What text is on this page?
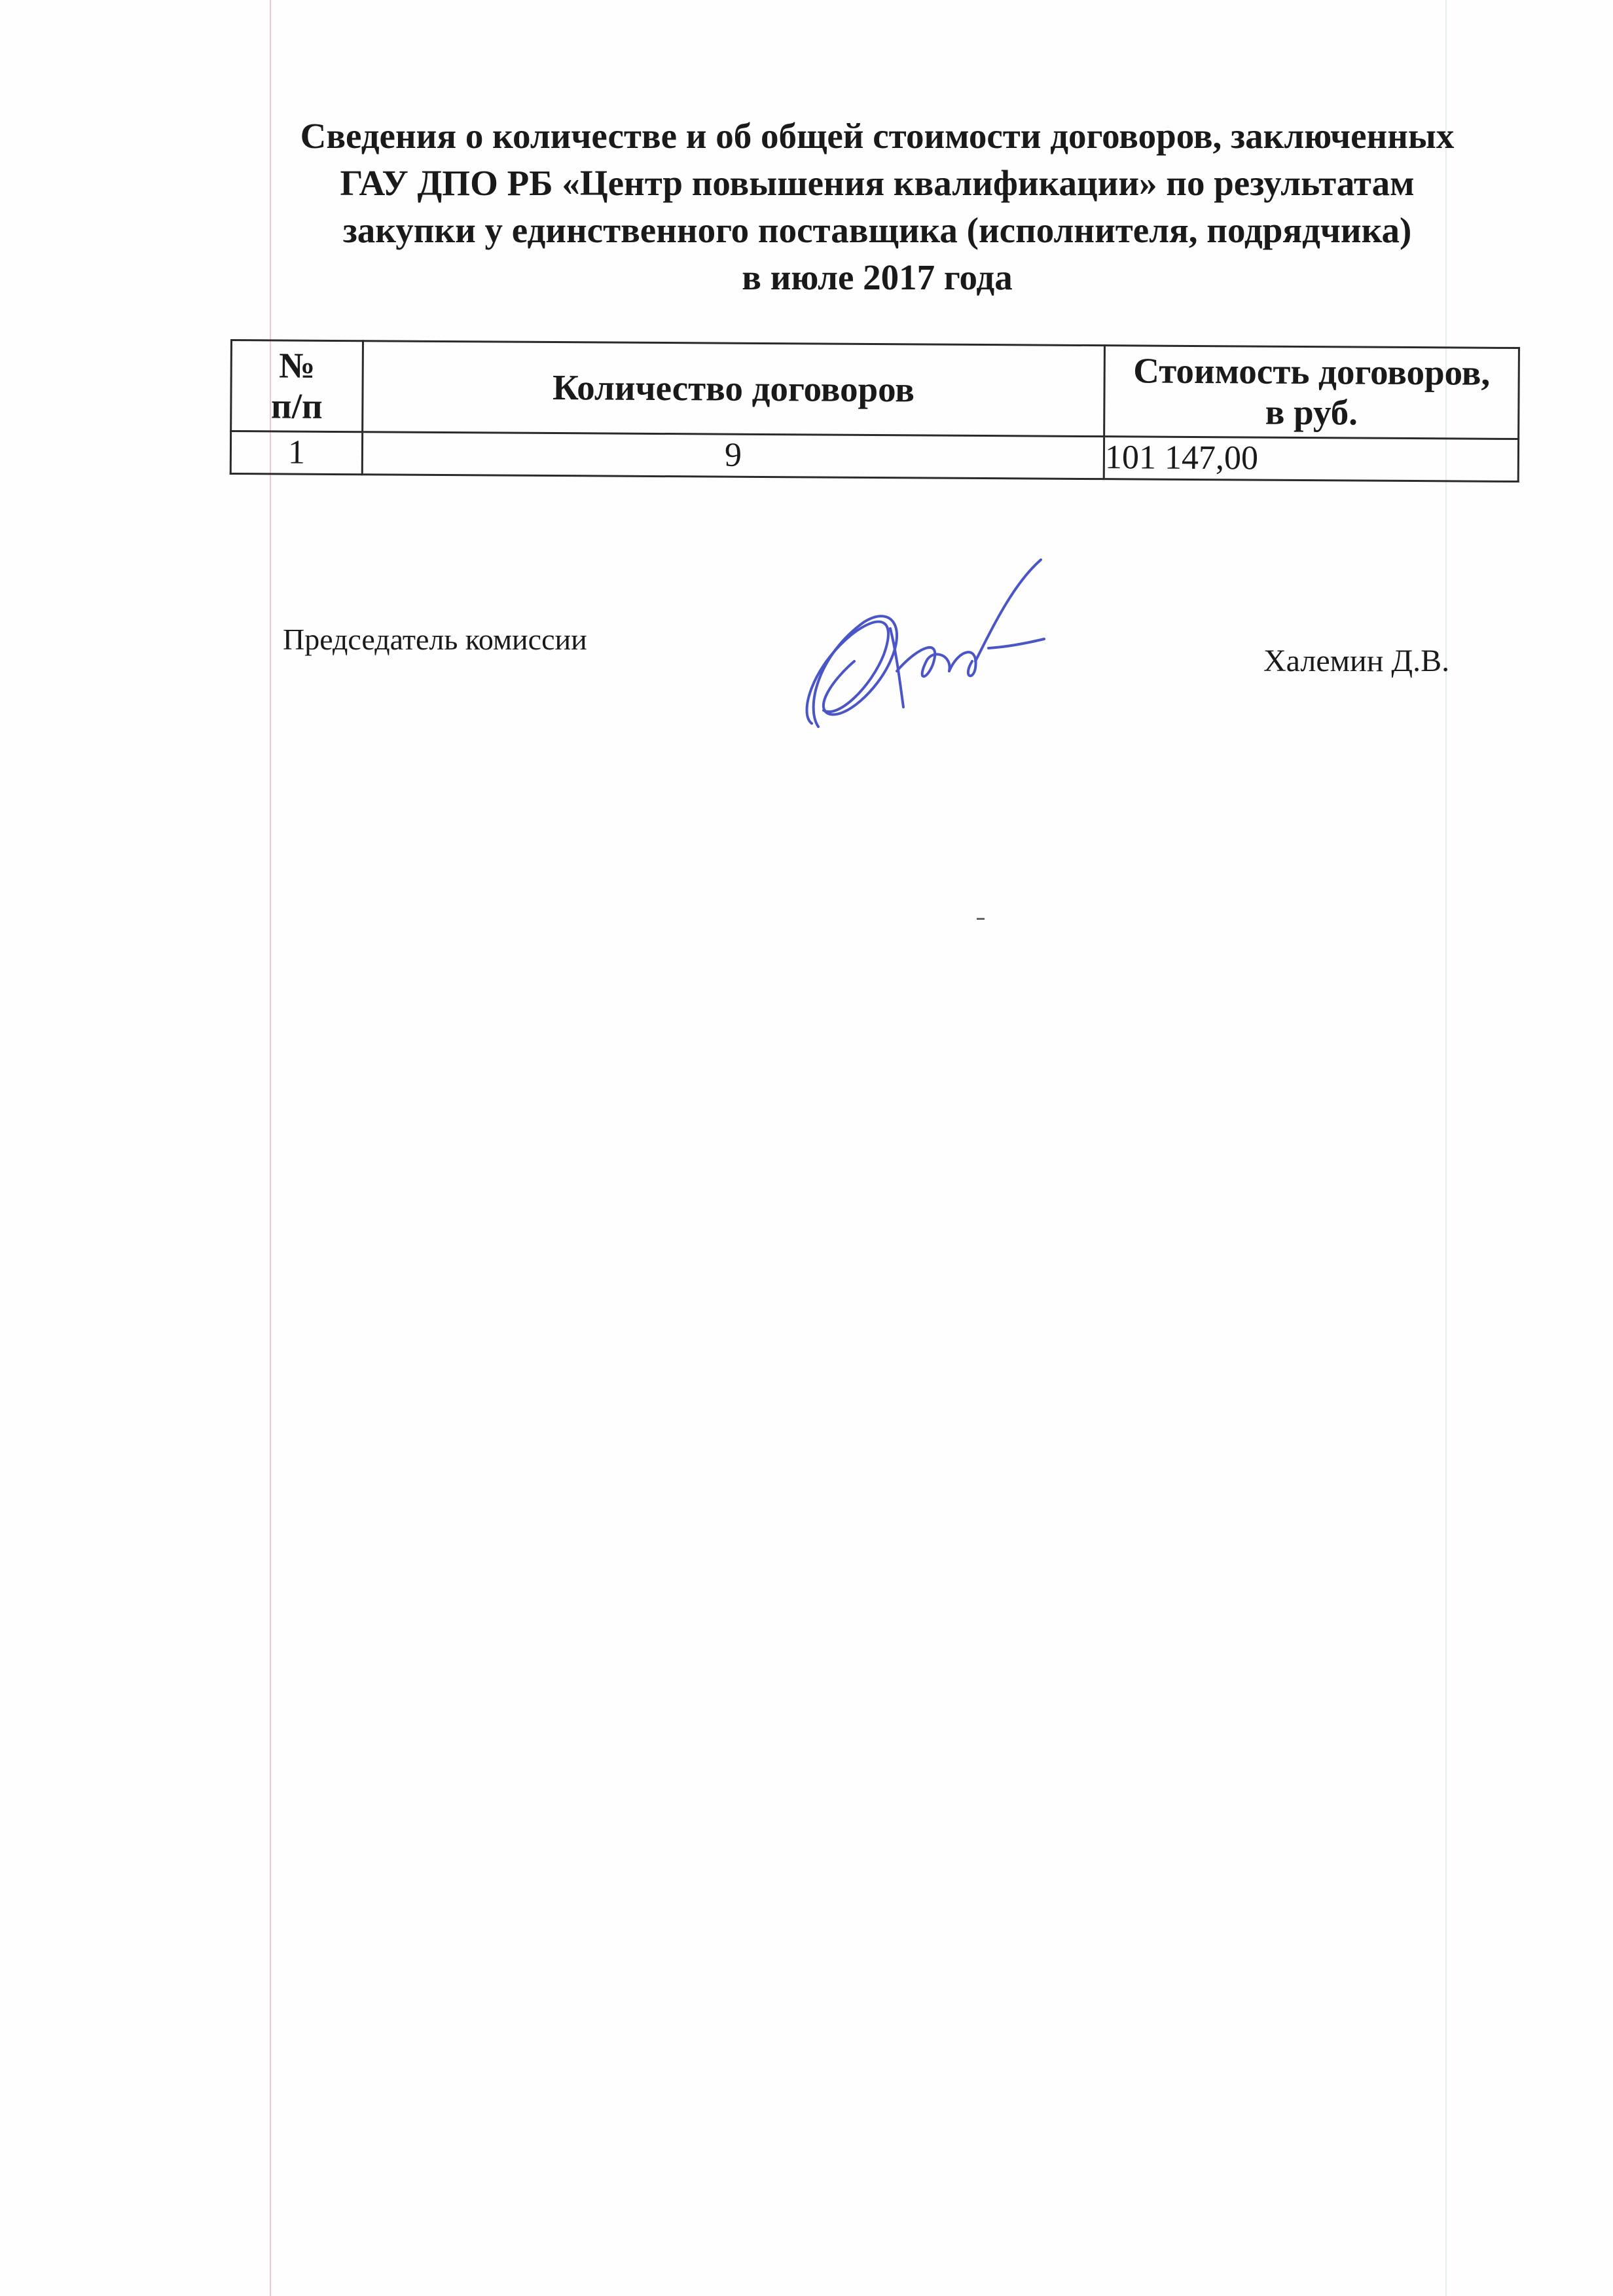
Сведения о количестве и об общей стоимости договоров, заключенных
ГАУ ДПО РБ «Центр повышения квалификации» по результатам
закупки у единственного поставщика (исполнителя, подрядчика)
в июле 2017 года
№
п/п	Количество договоров	Стоимость договоров,
в руб.
1	9	101 147,00
Председатель комиссии
Халемин Д.В.
